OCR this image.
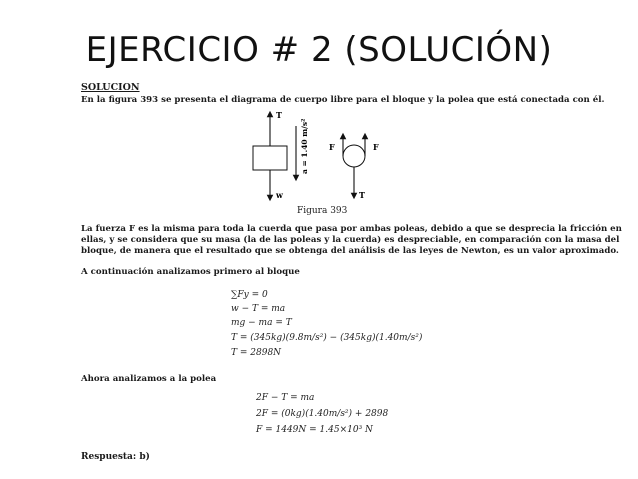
EJERCICIO # 2 (SOLUCIÓN)
SOLUCION
En la figura 393 se presenta el diagrama de cuerpo libre para el bloque y la polea que está conectada con él.
T
w
a = 1.40 m/s²	F	F
T
Figura 393
La fuerza F es la misma para toda la cuerda que pasa por ambas poleas, debido a que se desprecia la fricción en
ellas, y se considera que su masa (la de las poleas y la cuerda) es despreciable, en comparación con la masa del
bloque, de manera que el resultado que se obtenga del análisis de las leyes de Newton, es un valor aproximado.
A continuación analizamos primero al bloque
∑Fy = 0
w − T = ma
mg − ma = T
T = (345kg)(9.8m/s²) − (345kg)(1.40m/s²)
T = 2898N
Ahora analizamos a la polea
2F − T = ma
2F = (0kg)(1.40m/s²) + 2898
F = 1449N = 1.45×10³ N
Respuesta: b)
